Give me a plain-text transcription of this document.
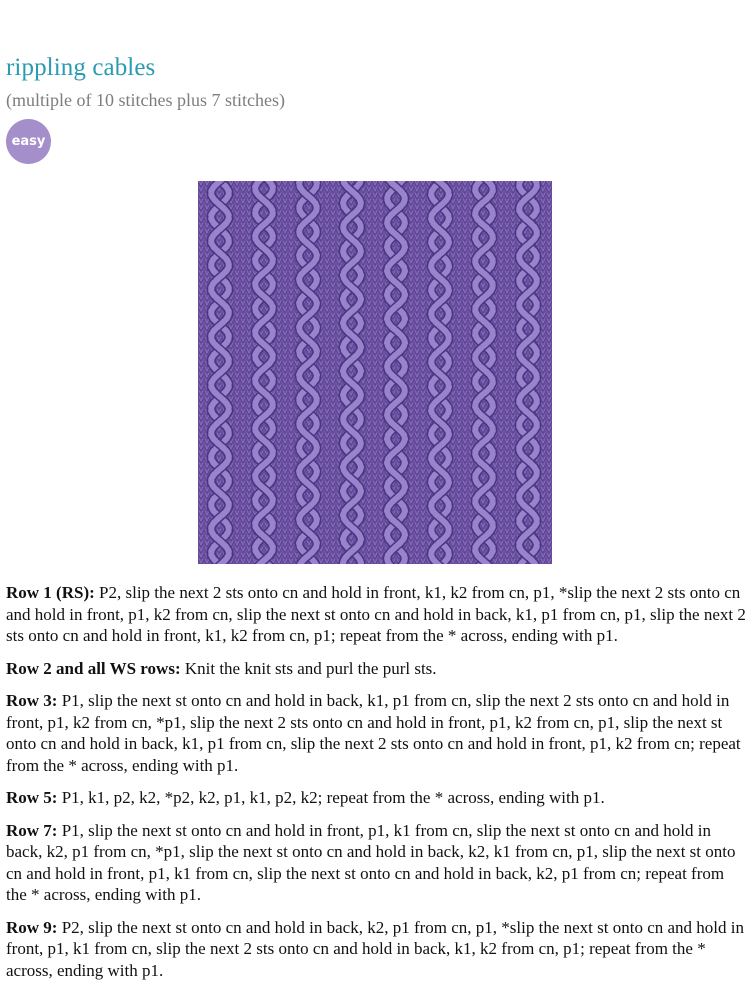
rippling cables

(multiple of 10 stitches plus 7 stitches)

easy

Row 1 (RS): P2, slip the next 2 sts onto cn and hold in front, k1, k2 from cn, p1, *slip the next 2 sts onto cn and hold in front, p1, k2 from cn, slip the next st onto cn and hold in back, k1, p1 from cn, p1, slip the next 2 sts onto cn and hold in front, k1, k2 from cn, p1; repeat from the * across, ending with p1.

Row 2 and all WS rows: Knit the knit sts and purl the purl sts.

Row 3: P1, slip the next st onto cn and hold in back, k1, p1 from cn, slip the next 2 sts onto cn and hold in front, p1, k2 from cn, *p1, slip the next 2 sts onto cn and hold in front, p1, k2 from cn, p1, slip the next st onto cn and hold in back, k1, p1 from cn, slip the next 2 sts onto cn and hold in front, p1, k2 from cn; repeat from the * across, ending with p1.

Row 5: P1, k1, p2, k2, *p2, k2, p1, k1, p2, k2; repeat from the * across, ending with p1.

Row 7: P1, slip the next st onto cn and hold in front, p1, k1 from cn, slip the next st onto cn and hold in back, k2, p1 from cn, *p1, slip the next st onto cn and hold in back, k2, k1 from cn, p1, slip the next st onto cn and hold in front, p1, k1 from cn, slip the next st onto cn and hold in back, k2, p1 from cn; repeat from the * across, ending with p1.

Row 9: P2, slip the next st onto cn and hold in back, k2, p1 from cn, p1, *slip the next st onto cn and hold in front, p1, k1 from cn, slip the next 2 sts onto cn and hold in back, k1, k2 from cn, p1; repeat from the * across, ending with p1.
